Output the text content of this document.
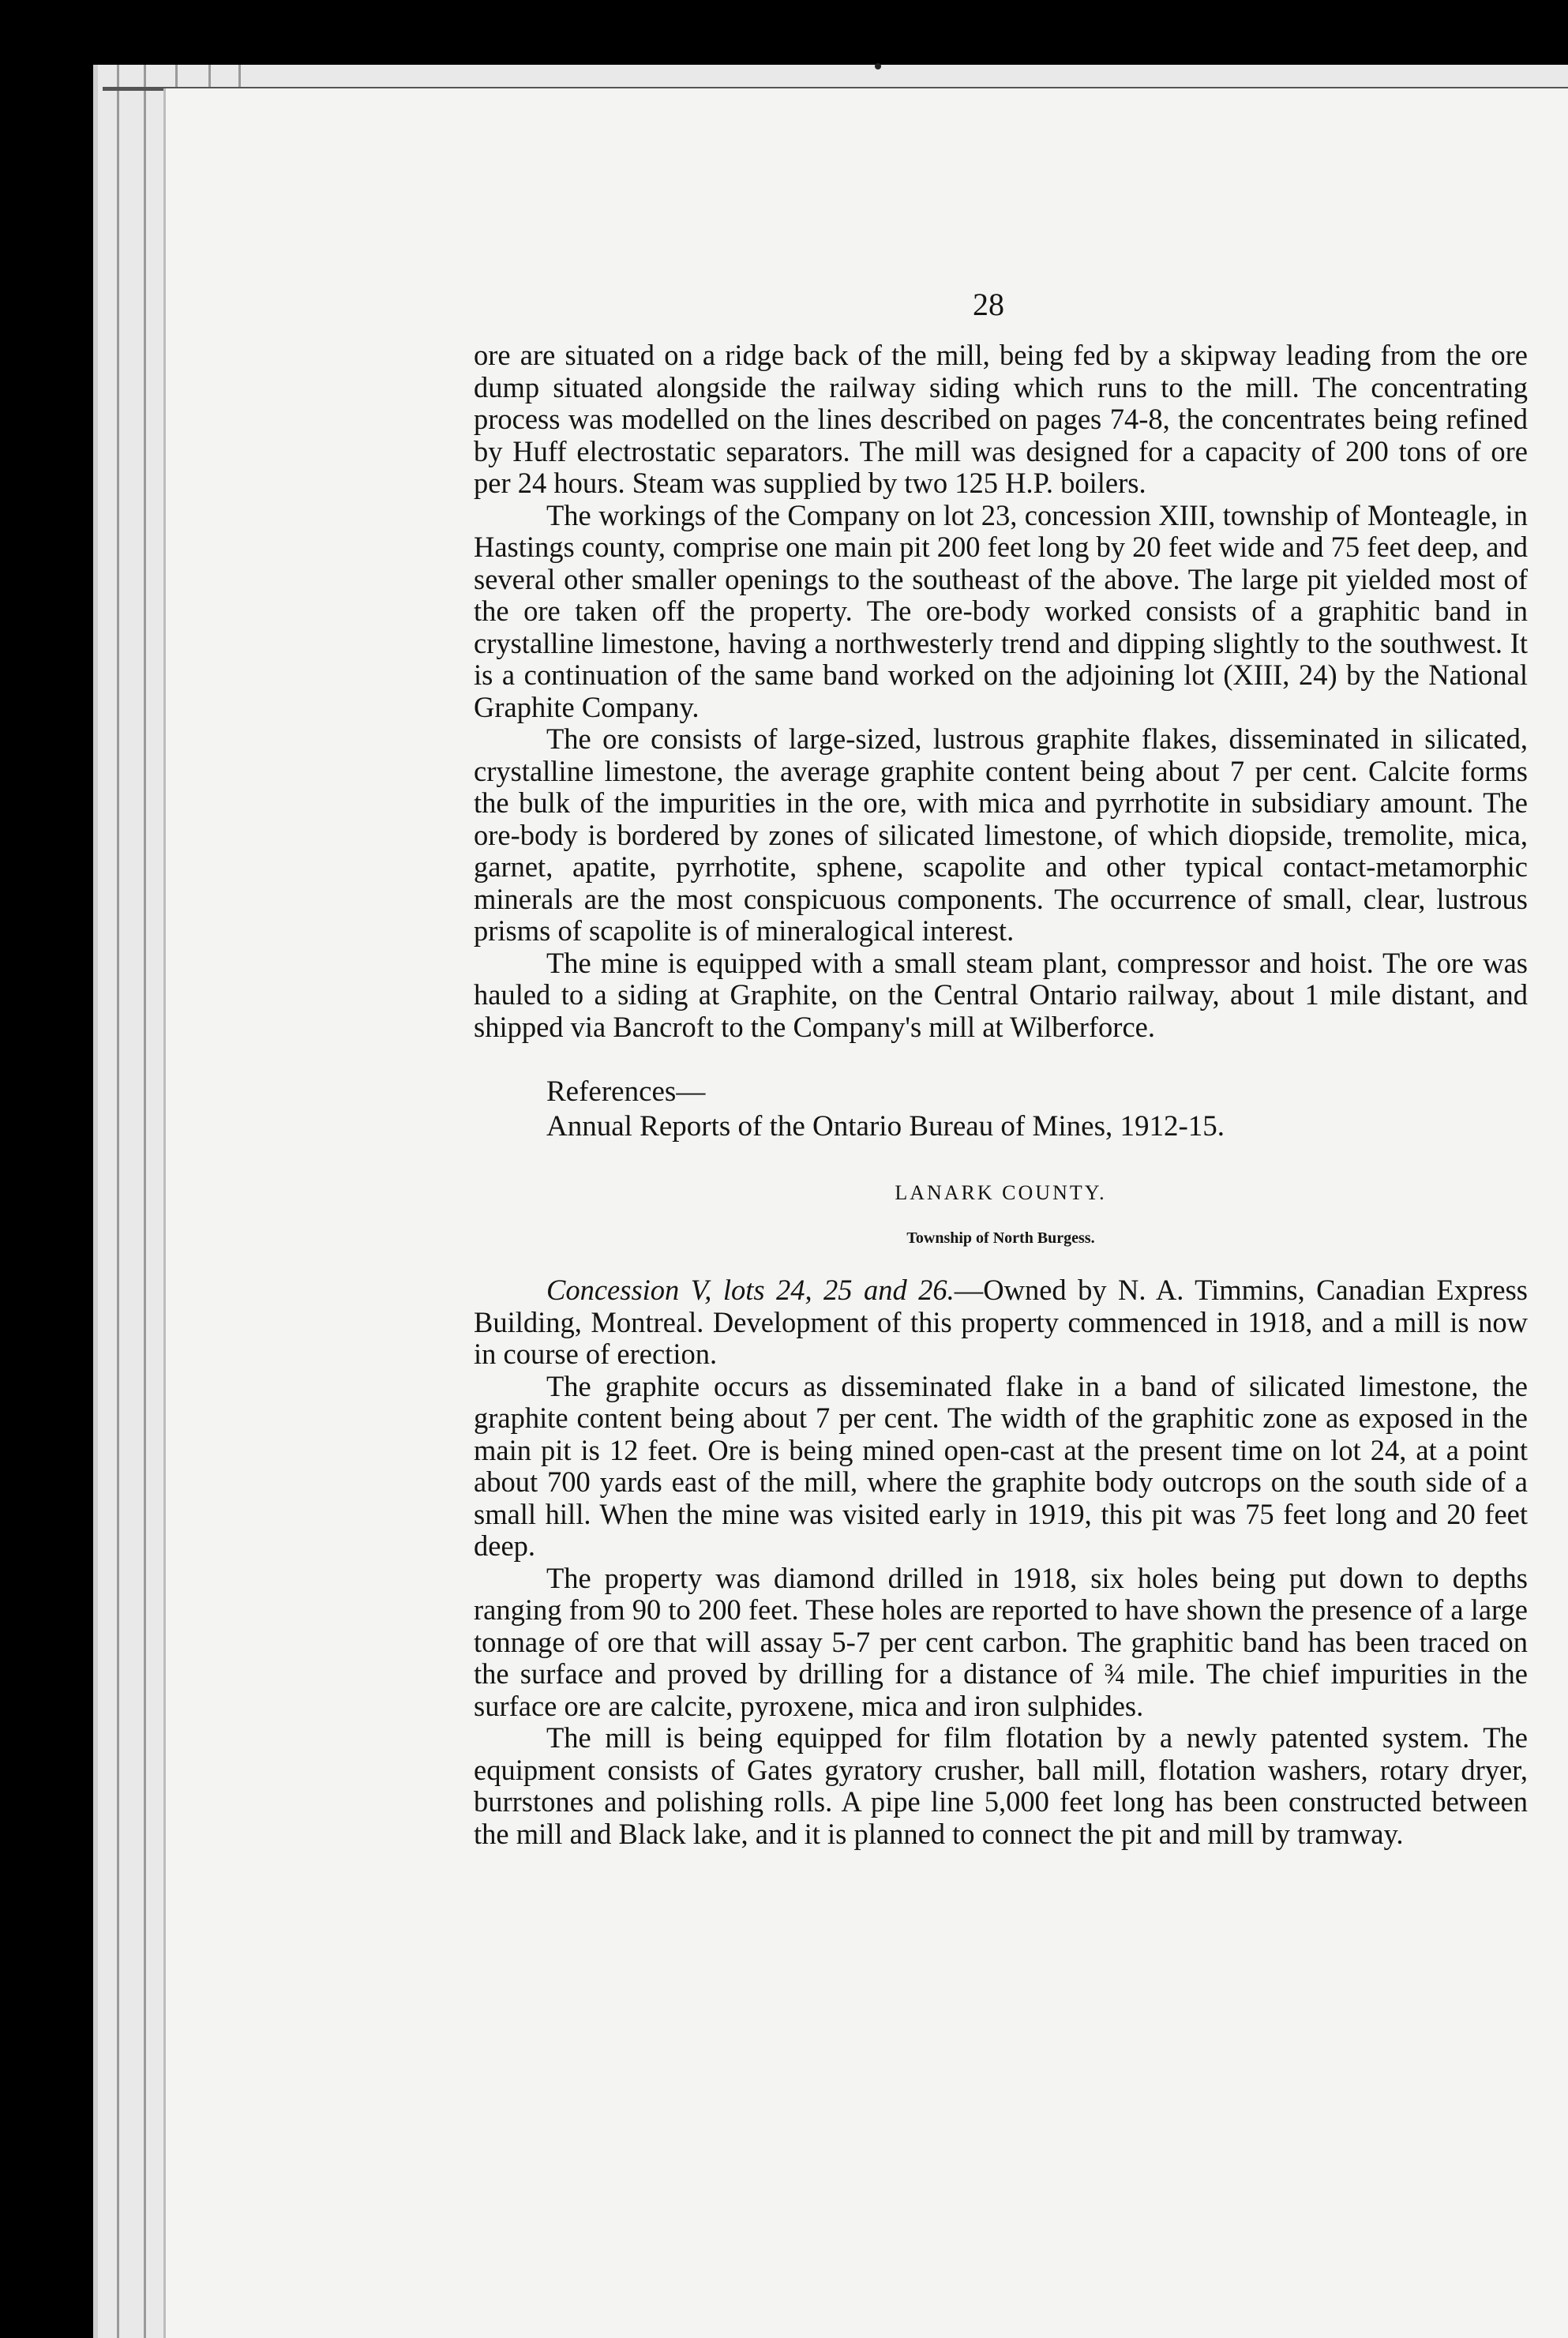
28

ore are situated on a ridge back of the mill, being fed by a skipway leading from the ore dump situated alongside the railway siding which runs to the mill. The concentrating process was modelled on the lines described on pages 74-8, the concentrates being refined by Huff electrostatic separators. The mill was designed for a capacity of 200 tons of ore per 24 hours. Steam was supplied by two 125 H.P. boilers.

The workings of the Company on lot 23, concession XIII, township of Monteagle, in Hastings county, comprise one main pit 200 feet long by 20 feet wide and 75 feet deep, and several other smaller openings to the southeast of the above. The large pit yielded most of the ore taken off the property. The ore-body worked consists of a graphitic band in crystalline limestone, having a northwesterly trend and dipping slightly to the southwest. It is a continuation of the same band worked on the adjoining lot (XIII, 24) by the National Graphite Company.

The ore consists of large-sized, lustrous graphite flakes, disseminated in silicated, crystalline limestone, the average graphite content being about 7 per cent. Calcite forms the bulk of the impurities in the ore, with mica and pyrrhotite in subsidiary amount. The ore-body is bordered by zones of silicated limestone, of which diopside, tremolite, mica, garnet, apatite, pyrrhotite, sphene, scapolite and other typical contact-metamorphic minerals are the most conspicuous components. The occurrence of small, clear, lustrous prisms of scapolite is of mineralogical interest.

The mine is equipped with a small steam plant, compressor and hoist. The ore was hauled to a siding at Graphite, on the Central Ontario railway, about 1 mile distant, and shipped via Bancroft to the Company's mill at Wilberforce.

References—
Annual Reports of the Ontario Bureau of Mines, 1912-15.
LANARK COUNTY.
Township of North Burgess.

Concession V, lots 24, 25 and 26.—Owned by N. A. Timmins, Canadian Express Building, Montreal. Development of this property commenced in 1918, and a mill is now in course of erection.

The graphite occurs as disseminated flake in a band of silicated limestone, the graphite content being about 7 per cent. The width of the graphitic zone as exposed in the main pit is 12 feet. Ore is being mined open-cast at the present time on lot 24, at a point about 700 yards east of the mill, where the graphite body outcrops on the south side of a small hill. When the mine was visited early in 1919, this pit was 75 feet long and 20 feet deep.

The property was diamond drilled in 1918, six holes being put down to depths ranging from 90 to 200 feet. These holes are reported to have shown the presence of a large tonnage of ore that will assay 5-7 per cent carbon. The graphitic band has been traced on the surface and proved by drilling for a distance of ¾ mile. The chief impurities in the surface ore are calcite, pyroxene, mica and iron sulphides.

The mill is being equipped for film flotation by a newly patented system. The equipment consists of Gates gyratory crusher, ball mill, flotation washers, rotary dryer, burrstones and polishing rolls. A pipe line 5,000 feet long has been constructed between the mill and Black lake, and it is planned to connect the pit and mill by tramway.
